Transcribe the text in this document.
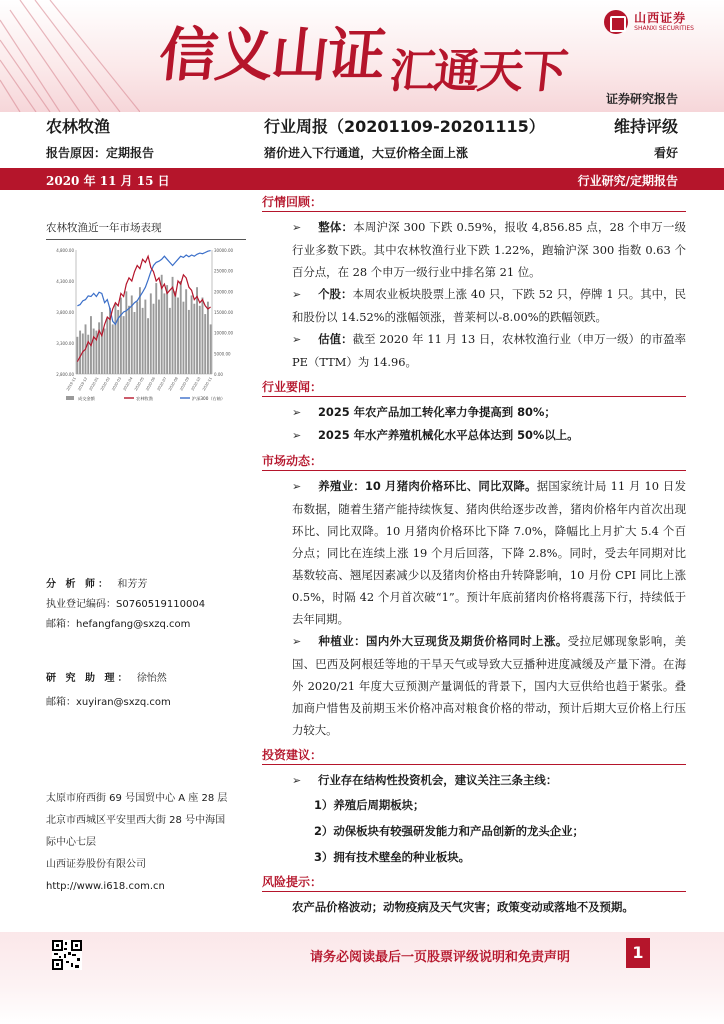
信义山证汇通天下
山西证券
SHANXI SECURITIES
证券研究报告
农林牧渔	行业周报（20201109-20201115）	维持评级
报告原因：定期报告	猪价进入下行通道，大豆价格全面上涨	看好
2020 年 11 月 15 日	行业研究/定期报告
农林牧渔近一年市场表现
4,800.00
4,300.00
3,800.00
3,300.00
2,800.00
30000.00
25000.00
20000.00
15000.00
10000.00
5000.00
0.00
2019-11 2019-12 2020-01 2020-02 2020-03 2020-04 2020-05 2020-06 2020-07 2020-08 2020-09 2020-10 2020-11
成交金额	农林牧渔	沪深300（右轴）
分 析 师： 和芳芳
执业登记编码：S0760519110004
邮箱：hefangfang@sxzq.com
研 究 助 理： 徐怡然
邮箱：xuyiran@sxzq.com
太原市府西街 69 号国贸中心 A 座 28 层
北京市西城区平安里西大街 28 号中海国
际中心七层
山西证券股份有限公司
http://www.i618.com.cn
行情回顾：
➢ 整体：本周沪深 300 下跌 0.59%，报收 4,856.85 点，28 个申万一级行业多数下跌。其中农林牧渔行业下跌 1.22%，跑输沪深 300 指数 0.63 个百分点，在 28 个申万一级行业中排名第 21 位。
➢ 个股：本周农业板块股票上涨 40 只，下跌 52 只，停牌 1 只。其中，民和股份以 14.52%的涨幅领涨，普莱柯以-8.00%的跌幅领跌。
➢ 估值：截至 2020 年 11 月 13 日，农林牧渔行业（申万一级）的市盈率 PE（TTM）为 14.96。
行业要闻：
➢ 2025 年农产品加工转化率力争提高到 80%；
➢ 2025 年水产养殖机械化水平总体达到 50%以上。
市场动态：
➢ 养殖业：10 月猪肉价格环比、同比双降。据国家统计局 11 月 10 日发布数据，随着生猪产能持续恢复、猪肉供给逐步改善，猪肉价格年内首次出现环比、同比双降。10 月猪肉价格环比下降 7.0%，降幅比上月扩大 5.4 个百分点；同比在连续上涨 19 个月后回落，下降 2.8%。同时，受去年同期对比基数较高、翘尾因素减少以及猪肉价格由升转降影响，10 月份 CPI 同比上涨 0.5%，时隔 42 个月首次破“1”。预计年底前猪肉价格将震荡下行，持续低于去年同期。
➢ 种植业：国内外大豆现货及期货价格同时上涨。受拉尼娜现象影响，美国、巴西及阿根廷等地的干旱天气或导致大豆播种进度减缓及产量下滑。在海外 2020/21 年度大豆预测产量调低的背景下，国内大豆供给也趋于紧张。叠加商户惜售及前期玉米价格冲高对粮食价格的带动，预计后期大豆价格上行压力较大。
投资建议：
➢ 行业存在结构性投资机会，建议关注三条主线：
1）养殖后周期板块；
2）动保板块有较强研发能力和产品创新的龙头企业；
3）拥有技术壁垒的种业板块。
风险提示：
农产品价格波动；动物疫病及天气灾害；政策变动或落地不及预期。
请务必阅读最后一页股票评级说明和免责声明	1
